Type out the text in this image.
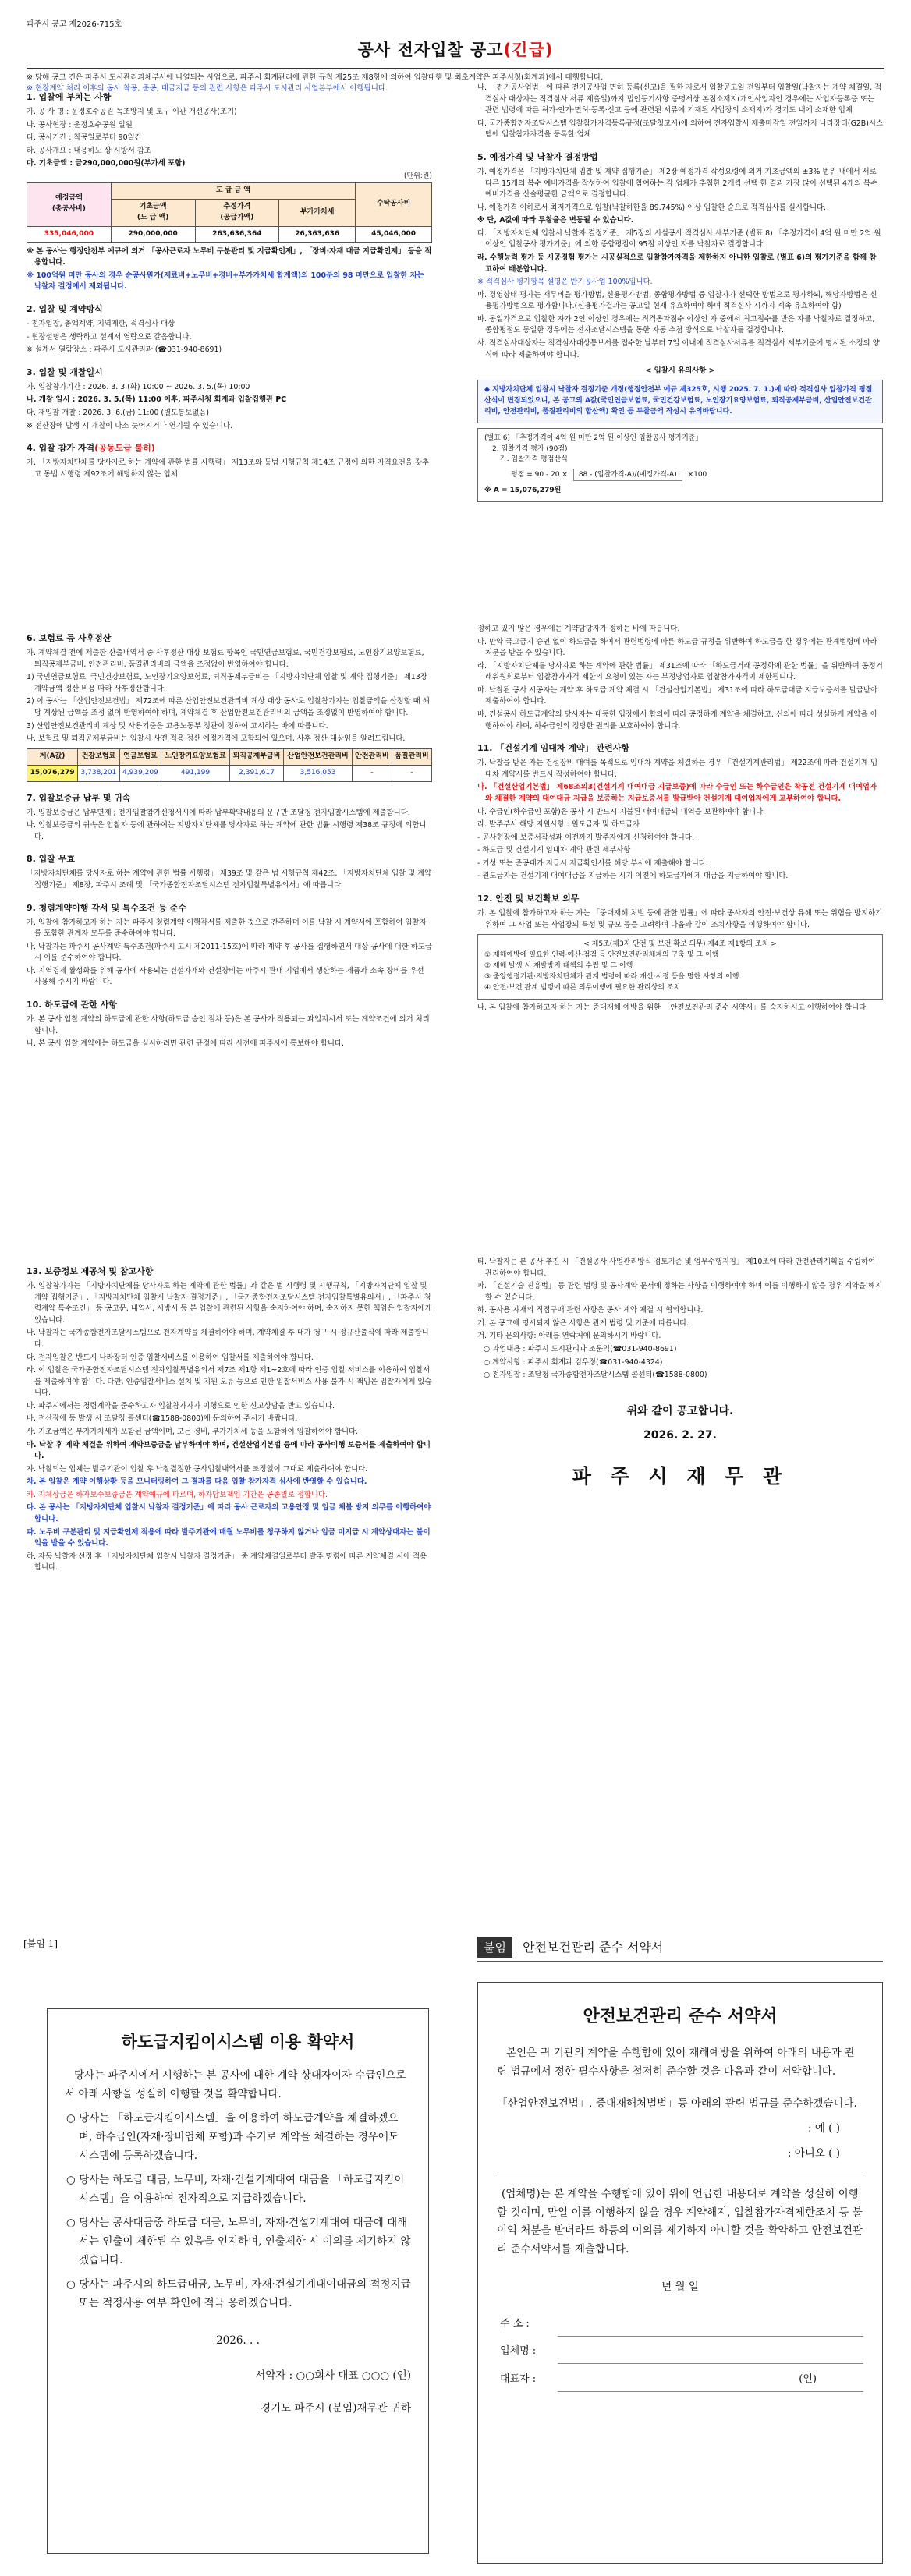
파주시 공고 제2026-715호
공사 전자입찰 공고(긴급)
※ 당해 공고 건은 파주시 도시관리과체부서에 나열되는 사업으로, 파주시 회계관리에 관한 규칙 제25조 제8항에 의하여 입찰대행 및 최초계약은 파주시청(회계과)에서 대행합니다.
※ 현장계약 처리 이후의 공사 착공, 준공, 대금지급 등의 관련 사항은 파주시 도시관리 사업본부에서 이행됩니다.
1. 입찰에 부치는 사항

가. 공 사 명 : 운정호수공원 녹조방지 및 토구 이관 개선공사(조기)

나. 공사현장 : 운정호수공원 일원

다. 공사기간 : 착공일로부터 90일간

라. 공사개요 : 내용하노 상 시방서 참조

마. 기초금액 : 금290,000,000원(부가세 포함)

(단위:원)
예정금액
(총공사비)	도 급 금 액			수탁공사비
	기초금액
(도 급 액)	추정가격
(공급가액)	부가가치세	
335,046,000	290,000,000	263,636,364	26,363,636	45,046,000

※ 본 공사는 행정안전부 예규에 의거 「공사근로자 노무비 구분관리 및 지급확인제」, 「장비·자재 대금 지급확인제」 등을 적용합니다.

※ 100억원 미만 공사의 경우 순공사원가(재료비+노무비+경비+부가가치세 합계액)의 100분의 98 미만으로 입찰한 자는 낙찰자 결정에서 제외됩니다.

2. 입찰 및 계약방식

- 전자입찰, 총액계약, 지역제한, 적격심사 대상

- 현장설명은 생략하고 설계서 열람으로 갈음합니다.

※ 설계서 열람장소 : 파주시 도시관리과 (☎031-940-8691)

3. 입찰 및 개찰일시

가. 입찰참가기간 : 2026. 3. 3.(화) 10:00 ~ 2026. 3. 5.(목) 10:00

나. 개찰 일시 : 2026. 3. 5.(목) 11:00 이후, 파주시청 회계과 입찰집행관 PC

다. 재입찰 개찰 : 2026. 3. 6.(금) 11:00 (별도통보없음)

※ 전산장애 발생 시 개찰이 다소 늦어지거나 연기될 수 있습니다.

4. 입찰 참가 자격(공동도급 불허)

가. 「지방자치단체를 당사자로 하는 계약에 관한 법률 시행령」 제13조와 동법 시행규칙 제14조 규정에 의한 자격요건을 갖추고 동법 시행령 제92조에 해당하지 않는 업체

나. 「전기공사업법」에 따른 전기공사업 면허 등록(신고)을 필한 자로서 입찰공고일 전일부터 입찰일(낙찰자는 계약 체결일, 적격심사 대상자는 적격심사 서류 제출일)까지 법인등기사항 증명서상 본점소재지(개인사업자인 경우에는 사업자등록증 또는 관련 법령에 따른 허가·인가·면허·등록·신고 등에 관련된 서류에 기재된 사업장의 소재지)가 경기도 내에 소재한 업체

다. 국가종합전자조달시스템 입찰참가자격등록규정(조달청고시)에 의하여 전자입찰서 제출마감일 전일까지 나라장터(G2B)시스템에 입찰참가자격을 등록한 업체

5. 예정가격 및 낙찰자 결정방법

가. 예정가격은 「지방자치단체 입찰 및 계약 집행기준」 제2장 예정가격 작성요령에 의거 기초금액의 ±3% 범위 내에서 서로 다른 15개의 복수 예비가격을 작성하여 입찰에 참여하는 각 업체가 추첨한 2개씩 선택 한 결과 가장 많이 선택된 4개의 복수예비가격을 산술평균한 금액으로 결정합니다.

나. 예정가격 이하로서 최저가격으로 입찰(낙찰하한율 89.745%) 이상 입찰한 순으로 적격심사를 실시합니다.

※ 단, A값에 따라 투찰율은 변동될 수 있습니다.

다. 「지방자치단체 입찰시 낙찰자 결정기준」 제5장의 시설공사 적격심사 세부기준 (별표 8) 「추정가격이 4억 원 미만 2억 원 이상인 입찰공사 평가기준」에 의한 종합평점이 95점 이상인 자를 낙찰자로 결정합니다.

라. 수행능력 평가 등 시공경험 평가는 시공실적으로 입찰참가자격을 제한하지 아니한 입찰로 (별표 6)의 평가기준을 함께 참고하여 배분합니다.

※ 적격심사 평가항목 설명은 반기공사업 100%입니다.

마. 경영상태 평가는 재무비율 평가방법, 신용평가방법, 종합평가방법 중 입찰자가 선택한 방법으로 평가하되, 해당자방법은 신용평가방법으로 평가합니다.(신용평가결과는 공고일 현재 유효하여야 하며 적격심사 시까지 계속 유효하여야 함)

바. 동일가격으로 입찰한 자가 2인 이상인 경우에는 적격통과점수 이상인 자 중에서 최고점수를 받은 자를 낙찰자로 결정하고, 종합평점도 동일한 경우에는 전자조달시스템을 통한 자동 추첨 방식으로 낙찰자를 결정합니다.

사. 적격심사대상자는 적격심사대상통보서를 접수한 날부터 7일 이내에 적격심사서류를 적격심사 세부기준에 명시된 소정의 양식에 따라 제출하여야 합니다.

< 입찰시 유의사항 >
◆ 지방자치단체 입찰시 낙찰자 결정기준 개정(행정안전부 예규 제325호, 시행 2025. 7. 1.)에 따라 적격심사 입찰가격 평점산식이 변경되었으니, 본 공고의 A값(국민연금보험료, 국민건강보험료, 노인장기요양보험료, 퇴직공제부금비, 산업안전보건관리비, 안전관리비, 품질관리비의 합산액) 확인 등 투찰금액 작성시 유의바랍니다.
(별표 6) 「추정가격이 4억 원 미만 2억 원 이상인 입찰공사 평가기준」
2. 입찰가격 평가 (90점)
가. 입찰가격 평점산식
평점 = 90 - 20 × 88 - (입찰가격-A)/(예정가격-A) ×100
※ A = 15,076,279원
6. 보험료 등 사후정산

가. 계약체결 전에 제출한 산출내역서 중 사후정산 대상 보험료 항목인 국민연금보험료, 국민건강보험료, 노인장기요양보험료, 퇴직공제부금비, 안전관리비, 품질관리비의 금액을 조정없이 반영하여야 합니다.

1) 국민연금보험료, 국민건강보험료, 노인장기요양보험료, 퇴직공제부금비는 「지방자치단체 입찰 및 계약 집행기준」 제13장 계약금액 정산 비용 따라 사후정산합니다.

2) 이 공사는 「산업안전보건법」 제72조에 따른 산업안전보건관리비 계상 대상 공사로 입찰참가자는 입찰금액을 산정할 때 해당 계상된 금액을 조정 없이 반영하여야 하며, 계약체결 후 산업안전보건관리비의 금액을 조정없이 반영하여야 합니다.

3) 산업안전보건관리비 계상 및 사용기준은 고용노동부 정관이 정하여 고시하는 바에 따릅니다.

나. 보험료 및 퇴직공제부금비는 입찰시 사전 적용 정산 예정가격에 포함되어 있으며, 사후 정산 대상임을 알려드립니다.

계(A값)	건강보험료	연금보험료	노인장기요양보험료	퇴직공제부금비	산업안전보건관리비	안전관리비	품질관리비
15,076,279	3,738,201	4,939,209	491,199	2,391,617	3,516,053	-	-
7. 입찰보증금 납부 및 귀속

가. 입찰보증금은 납부면제 ; 전자입찰참가신청서시에 따라 납부확약내용의 문구만 조달청 전자입찰시스템에 제출합니다.

나. 입찰보증금의 귀속은 입찰자 등에 관하여는 지방자치단체를 당사자로 하는 계약에 관한 법률 시행령 제38조 규정에 의합니다.

8. 입찰 무효

「지방자치단체를 당사자로 하는 계약에 관한 법률 시행령」 제39조 및 같은 법 시행규칙 제42조, 「지방자치단체 입찰 및 계약 집행기준」 제8장, 파주시 조례 및 「국가종합전자조달시스템 전자입찰특별유의서」에 따릅니다.

9. 청렴계약이행 각서 및 특수조건 등 준수

가. 입찰에 참가하고자 하는 자는 파주시 청렴계약 이행각서를 제출한 것으로 간주하며 이를 낙찰 시 계약서에 포함하여 입찰자를 포함한 관계자 모두를 준수하여야 합니다.

나. 낙찰자는 파주시 공사계약 특수조건(파주시 고시 제2011-15호)에 따라 계약 후 공사를 집행하면서 대상 공사에 대한 하도급 시 이를 준수하여야 합니다.

다. 지역경제 활성화를 위해 공사에 사용되는 건설자재와 건설장비는 파주시 관내 기업에서 생산하는 제품과 소속 장비를 우선 사용해 주시기 바랍니다.

10. 하도급에 관한 사항

가. 본 공사 입찰 계약의 하도급에 관한 사항(하도급 승인 절차 등)은 본 공사가 적용되는 과업지시서 또는 계약조건에 의거 처리합니다.

나. 본 공사 입찰 계약에는 하도급을 실시하려면 관련 규정에 따라 사전에 파주시에 통보해야 합니다.

정하고 있지 않은 경우에는 계약담당자가 정하는 바에 따릅니다.

다. 만약 국고금지 승인 없이 하도급을 하여서 관련법령에 따른 하도급 규정을 위반하여 하도급을 한 경우에는 관계법령에 따라 처분을 받을 수 있습니다.

라. 「지방자치단체를 당사자로 하는 계약에 관한 법률」 제31조에 따라 「하도급거래 공정화에 관한 법률」을 위반하여 공정거래위원회로부터 입찰참가자격 제한의 요청이 있는 자는 부정당업자로 입찰참가자격이 제한됩니다.

마. 낙찰된 공사 시공자는 계약 후 하도급 계약 체결 시 「건설산업기본법」 제31조에 따라 하도급대금 지급보증서를 발급받아 제출하여야 합니다.

바. 건설공사 하도급계약의 당사자는 대등한 입장에서 합의에 따라 공정하게 계약을 체결하고, 신의에 따라 성실하게 계약을 이행하여야 하며, 하수급인의 정당한 권리를 보호하여야 합니다.

11. 「건설기계 임대차 계약」 관련사항

가. 낙찰을 받은 자는 건설장비 대여를 목적으로 임대차 계약을 체결하는 경우 「건설기계관리법」 제22조에 따라 건설기계 임대차 계약서를 반드시 작성하여야 합니다.

나. 「건설산업기본법」 제68조의3(건설기계 대여대금 지급보증)에 따라 수급인 또는 하수급인은 착공전 건설기계 대여업자와 체결한 계약의 대여대금 지급을 보증하는 지급보증서를 발급받아 건설기계 대여업자에게 교부하여야 합니다.

다. 수급인(하수급인 포함)은 공사 시 반드시 지불된 대여대금의 내역을 보관하여야 합니다.

라. 발주부서 해당 지원사항 : 원도급자 및 하도급자

- 공사현장에 보증서작성과 이전까지 발주자에게 신청하여야 합니다.

- 하도급 및 건설기계 임대차 계약 관련 세부사항

- 기성 또는 준공대가 지급시 지급확인서를 해당 부서에 제출해야 합니다.

- 원도급자는 건설기계 대여대금을 지급하는 시기 이전에 하도급자에게 대금을 지급하여야 합니다.

12. 안전 및 보건확보 의무

가. 본 입찰에 참가하고자 하는 자는 「중대재해 처벌 등에 관한 법률」에 따라 종사자의 안전·보건상 유해 또는 위험을 방지하기 위하여 그 사업 또는 사업장의 특성 및 규모 등을 고려하여 다음과 같이 조치사항을 이행하여야 합니다.

< 제5조(제3자 안전 및 보건 확보 의무) 제4조 제1항의 조치 >
① 재해예방에 필요한 인력·예산·점검 등 안전보건관리체계의 구축 및 그 이행
② 재해 발생 시 재발방지 대책의 수립 및 그 이행
③ 중앙행정기관·지방자치단체가 관계 법령에 따라 개선·시정 등을 명한 사항의 이행
④ 안전·보건 관계 법령에 따른 의무이행에 필요한 관리상의 조치

나. 본 입찰에 참가하고자 하는 자는 중대재해 예방을 위한 「안전보건관리 준수 서약서」를 숙지하시고 이행하여야 합니다.

13. 보증정보 제공처 및 참고사항

가. 입찰참가자는 「지방자치단체를 당사자로 하는 계약에 관한 법률」과 같은 법 시행령 및 시행규칙, 「지방자치단체 입찰 및 계약 집행기준」, 「지방자치단체 입찰시 낙찰자 결정기준」, 「국가종합전자조달시스템 전자입찰특별유의서」, 「파주시 청렴계약 특수조건」 등 공고문, 내역서, 시방서 등 본 입찰에 관련된 사항을 숙지하여야 하며, 숙지하지 못한 책임은 입찰자에게 있습니다.

나. 낙찰자는 국가종합전자조달시스템으로 전자계약을 체결하여야 하며, 계약체결 후 대가 청구 시 정규산출식에 따라 제출합니다.

다. 전자입찰은 반드시 나라장터 인증 입찰서비스를 이용하여 입찰서를 제출하여야 합니다.

라. 이 입찰은 국가종합전자조달시스템 전자입찰특별유의서 제7조 제1항 제1~2호에 따라 인증 입찰 서비스를 이용하여 입찰서를 제출하여야 합니다. 다만, 인증입찰서비스 설치 및 지원 오류 등으로 인한 입찰서비스 사용 불가 시 책임은 입찰자에게 있습니다.

마. 파주시에서는 청렴계약을 준수하고자 입찰참가자가 이행으로 인한 신고상담을 받고 있습니다.

바. 전산장애 등 발생 시 조달청 콜센터(☎1588-0800)에 문의하여 주시기 바랍니다.

사. 기초금액은 부가가치세가 포함된 금액이며, 모든 경비, 부가가치세 등을 포함하여 입찰하여야 합니다.

아. 낙찰 후 계약 체결을 위하여 계약보증금을 납부하여야 하며, 건설산업기본법 등에 따라 공사이행 보증서를 제출하여야 합니다.

자. 낙찰되는 업체는 발주기관이 입찰 후 낙찰결정한 공사입찰내역서를 조정없이 그대로 제출하여야 합니다.

차. 본 입찰은 계약 이행상황 등을 모니터링하여 그 결과를 다음 입찰 참가자격 심사에 반영할 수 있습니다.

카. 지체상금은 하자보수보증금은 계약예규에 따르며, 하자담보책임 기간은 공종별로 정합니다.

타. 본 공사는 「지방자치단체 입찰시 낙찰자 결정기준」에 따라 공사 근로자의 고용안정 및 임금 체불 방지 의무를 이행하여야 합니다.

파. 노무비 구분관리 및 지급확인제 적용에 따라 발주기관에 매월 노무비를 청구하지 않거나 임금 미지급 시 계약상대자는 불이익을 받을 수 있습니다.

하. 자동 낙찰자 선정 후 「지방자치단체 입찰시 낙찰자 결정기준」 중 계약체결일로부터 발주 명령에 따른 계약체결 시에 적용합니다.

타. 낙찰자는 본 공사 추진 시 「건설공사 사업관리방식 검토기준 및 업무수행지침」 제10조에 따라 안전관리계획을 수립하여 관리하여야 합니다.

파. 「건설기술 진흥법」 등 관련 법령 및 공사계약 문서에 정하는 사항을 이행하여야 하며 이를 이행하지 않을 경우 계약을 해지할 수 있습니다.

하. 공사용 자재의 직접구매 관련 사항은 공사 계약 체결 시 협의합니다.

거. 본 공고에 명시되지 않은 사항은 관계 법령 및 기준에 따릅니다.

거. 기타 문의사항: 아래를 연락처에 문의하시기 바랍니다.

○ 과업내용 : 파주시 도시관리과 조문익(☎031-940-8691)

○ 계약사항 : 파주시 회계과 김우정(☎031-940-4324)

○ 전자입찰 : 조달청 국가종합전자조달시스템 콜센터(☎1588-0800)

위와 같이 공고합니다.
2026. 2. 27.
파 주 시 재 무 관
[붙임 1]
하도급지킴이시스템 이용 확약서

당사는 파주시에서 시행하는 본 공사에 대한 계약 상대자이자 수급인으로서 아래 사항을 성실히 이행할 것을 확약합니다.

○ 당사는 「하도급지킴이시스템」을 이용하여 하도급계약을 체결하겠으며, 하수급인(자재·장비업체 포함)과 수기로 계약을 체결하는 경우에도 시스템에 등록하겠습니다.

○ 당사는 하도급 대금, 노무비, 자재·건설기계대여 대금을 「하도급지킴이시스템」을 이용하여 전자적으로 지급하겠습니다.

○ 당사는 공사대금중 하도급 대금, 노무비, 자재·건설기계대여 대금에 대해서는 인출이 제한된 수 있음을 인지하며, 인출제한 시 이의를 제기하지 않겠습니다.

○ 당사는 파주시의 하도급대금, 노무비, 자재·건설기계대여대금의 적정지급 또는 적정사용 여부 확인에 적극 응하겠습니다.

2026. . .

서약자 : ○○회사 대표 ○○○ (인)

경기도 파주시 (분임)재무관 귀하

붙임 안전보건관리 준수 서약서
안전보건관리 준수 서약서

본인은 귀 기관의 계약을 수행함에 있어 재해예방을 위하여 아래의 내용과 관련 법규에서 정한 필수사항을 철저히 준수할 것을 다음과 같이 서약합니다.

「산업안전보건법」, 중대재해처벌법」등 아래의 관련 법규를 준수하겠습니다.

: 예 ( )

: 아니오 ( )

(업체명)는 본 계약을 수행함에 있어 위에 언급한 내용대로 계약을 성실히 이행할 것이며, 만일 이를 이행하지 않을 경우 계약해지, 입찰참가자격제한조치 등 불이익 처분을 받더라도 하등의 이의를 제기하지 아니할 것을 확약하고 안전보건관리 준수서약서를 제출합니다.

년 월 일

주 소 :	
업체명 :	
대표자 :	(인)
